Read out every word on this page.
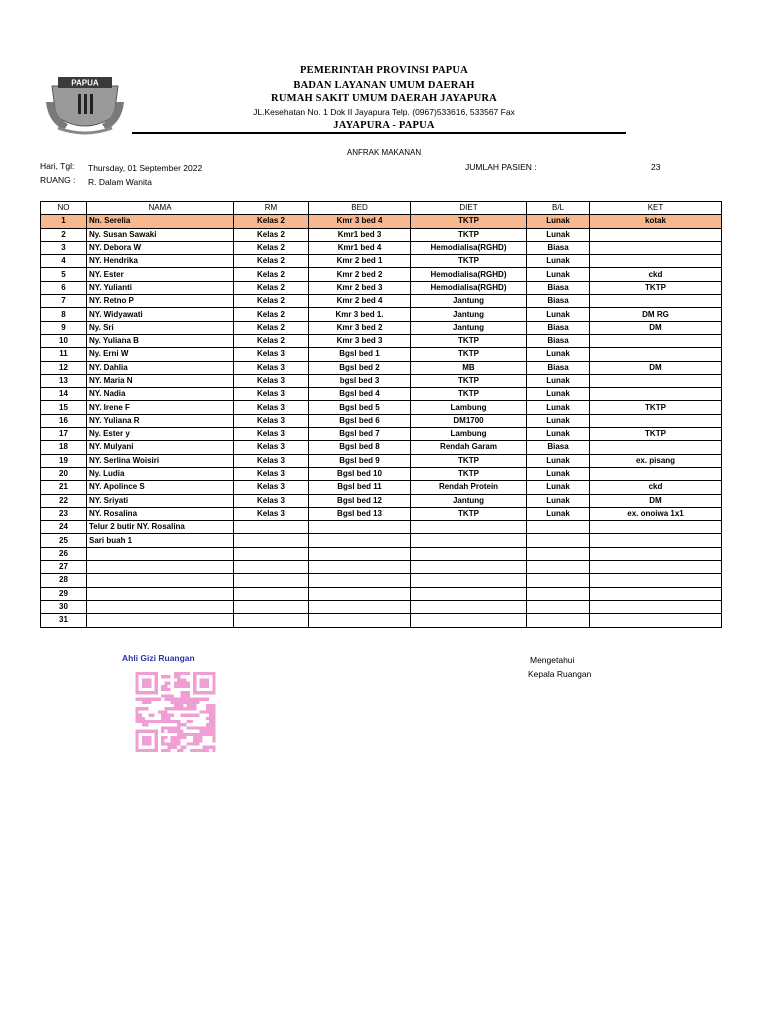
PAPUA
PEMERINTAH PROVINSI PAPUA
BADAN LAYANAN UMUM DAERAH
RUMAH SAKIT UMUM DAERAH JAYAPURA
JL.Kesehatan No. 1 Dok II Jayapura Telp. (0967)533616, 533567 Fax
JAYAPURA - PAPUA
ANFRAK MAKANAN
Hari, Tgl: Thursday, 01 September 2022
RUANG : R. Dalam Wanita
JUMLAH PASIEN :	23
NO	NAMA	RM	BED	DIET	B/L	KET
1	Nn. Serelia	Kelas 2	Kmr 3 bed 4	TKTP	Lunak	kotak
2	Ny. Susan Sawaki	Kelas 2	Kmr1 bed 3	TKTP	Lunak	
3	NY. Debora W	Kelas 2	Kmr1 bed 4	Hemodialisa(RGHD)	Biasa	
4	NY. Hendrika	Kelas 2	Kmr 2 bed 1	TKTP	Lunak	
5	NY. Ester	Kelas 2	Kmr 2 bed 2	Hemodialisa(RGHD)	Lunak	ckd
6	NY. Yulianti	Kelas 2	Kmr 2 bed 3	Hemodialisa(RGHD)	Biasa	TKTP
7	NY. Retno P	Kelas 2	Kmr 2 bed 4	Jantung	Biasa	
8	NY. Widyawati	Kelas 2	Kmr 3 bed 1.	Jantung	Lunak	DM RG
9	Ny. Sri	Kelas 2	Kmr 3 bed 2	Jantung	Biasa	DM
10	Ny. Yuliana B	Kelas 2	Kmr 3 bed 3	TKTP	Biasa	
11	Ny. Erni W	Kelas 3	Bgsl bed 1	TKTP	Lunak	
12	NY. Dahlia	Kelas 3	Bgsl bed 2	MB	Biasa	DM
13	NY. Maria N	Kelas 3	bgsl bed 3	TKTP	Lunak	
14	NY. Nadia	Kelas 3	Bgsl bed 4	TKTP	Lunak	
15	NY. Irene F	Kelas 3	Bgsl bed 5	Lambung	Lunak	TKTP
16	NY. Yuliana R	Kelas 3	Bgsl bed 6	DM1700	Lunak	
17	Ny. Ester y	Kelas 3	Bgsl bed 7	Lambung	Lunak	TKTP
18	NY. Mulyani	Kelas 3	Bgsl bed 8	Rendah Garam	Biasa	
19	NY. Serlina Woisiri	Kelas 3	Bgsl bed 9	TKTP	Lunak	ex. pisang
20	Ny. Ludia	Kelas 3	Bgsl bed 10	TKTP	Lunak	
21	NY. Apolince S	Kelas 3	Bgsl bed 11	Rendah Protein	Lunak	ckd
22	NY. Sriyati	Kelas 3	Bgsl bed 12	Jantung	Lunak	DM
23	NY. Rosalina	Kelas 3	Bgsl bed 13	TKTP	Lunak	ex. onoiwa 1x1
24	Telur 2 butir NY. Rosalina					
25	Sari buah 1					
26						
27						
28						
29						
30						
31						
Ahli Gizi Ruangan	Mengetahui
Kepala Ruangan
